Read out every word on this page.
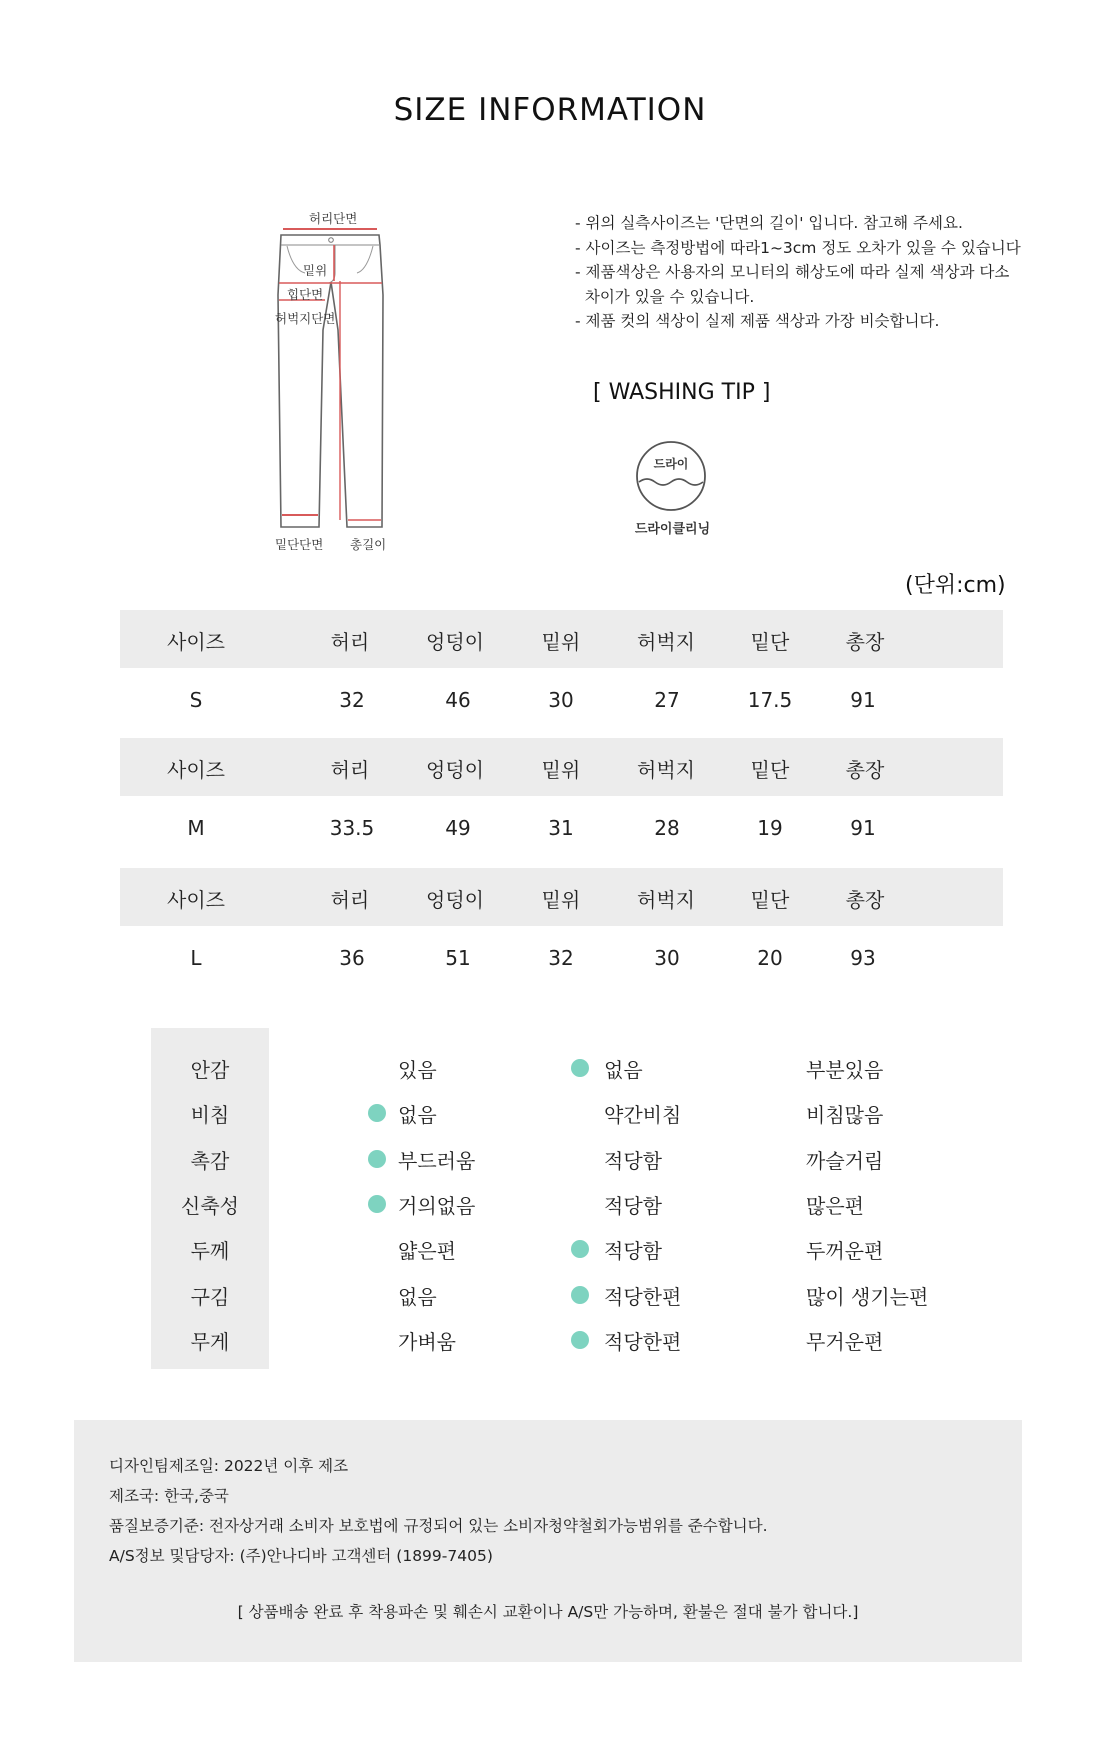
SIZE INFORMATION
허리단면
밑위
힙단면
허벅지단면
밑단단면 총길이
- 위의 실측사이즈는 '단면의 길이' 입니다. 참고해 주세요.
- 사이즈는 측정방법에 따라1~3cm 정도 오차가 있을 수 있습니다
- 제품색상은 사용자의 모니터의 해상도에 따라 실제 색상과 다소
차이가 있을 수 있습니다.
- 제품 컷의 색상이 실제 제품 색상과 가장 비슷합니다.
[ WASHING TIP ]
드라이
드라이클리닝
(단위:cm)
사이즈	허리	엉덩이	밑위	허벅지	밑단	총장
S	32	46	30	27	17.5	91
사이즈	허리	엉덩이	밑위	허벅지	밑단	총장
M	33.5	49	31	28	19	91
사이즈	허리	엉덩이	밑위	허벅지	밑단	총장
L	36	51	32	30	20	93
안감	있음	없음	부분있음
비침	없음	약간비침	비침많음
촉감	부드러움	적당함	까슬거림
신축성	거의없음	적당함	많은편
두께	얇은편	적당함	두꺼운편
구김	없음	적당한편	많이 생기는편
무게	가벼움	적당한편	무거운편
디자인팀제조일: 2022년 이후 제조
제조국: 한국,중국
품질보증기준: 전자상거래 소비자 보호법에 규정되어 있는 소비자청약철회가능범위를 준수합니다.
A/S정보 및담당자: (주)안나디바 고객센터 (1899-7405)
[ 상품배송 완료 후 착용파손 및 훼손시 교환이나 A/S만 가능하며, 환불은 절대 불가 합니다.]
